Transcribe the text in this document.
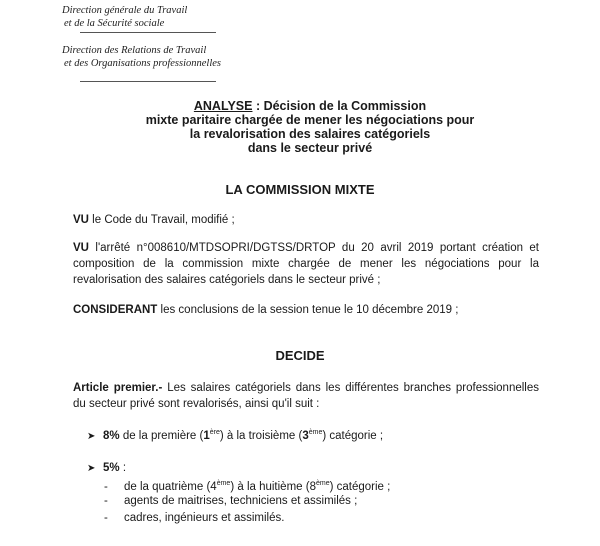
Direction générale du Travail
et de la Sécurité sociale
Direction des Relations de Travail
et des Organisations professionnelles
ANALYSE : Décision de la Commission
mixte paritaire chargée de mener les négociations pour
la revalorisation des salaires catégoriels
dans le secteur privé
LA COMMISSION MIXTE
VU le Code du Travail, modifié ;
VU l'arrêté n°008610/MTDSOPRI/DGTSS/DRTOP du 20 avril 2019 portant création et composition de la commission mixte chargée de mener les négociations pour la revalorisation des salaires catégoriels dans le secteur privé ;
CONSIDERANT les conclusions de la session tenue le 10 décembre 2019 ;
DECIDE
Article premier.- Les salaires catégoriels dans les différentes branches professionnelles du secteur privé sont revalorisés, ainsi qu'il suit :
➤ 8% de la première (1ère) à la troisième (3ème) catégorie ;
➤ 5% :
- de la quatrième (4ème) à la huitième (8ème) catégorie ;
- agents de maitrises, techniciens et assimilés ;
- cadres, ingénieurs et assimilés.
